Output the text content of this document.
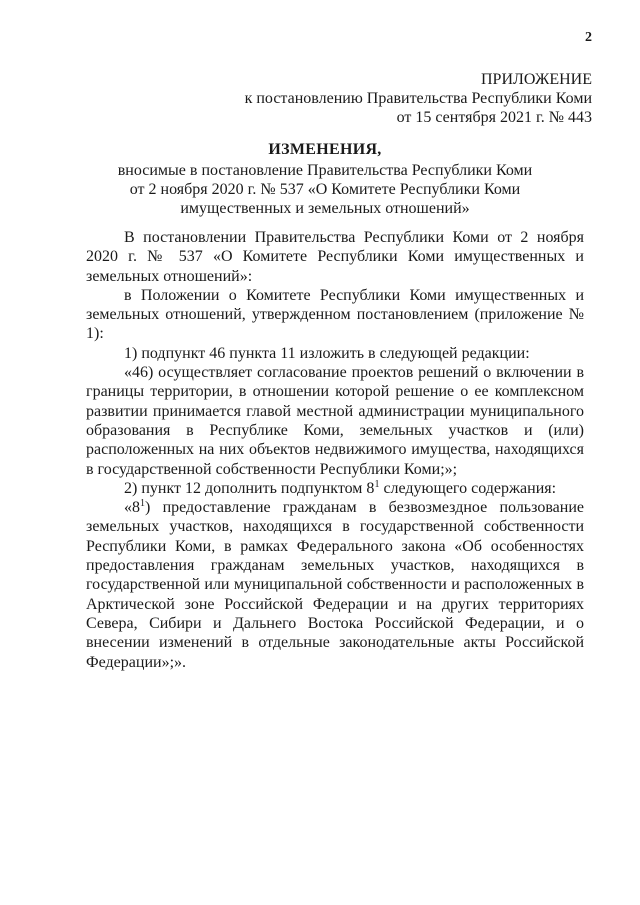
2
ПРИЛОЖЕНИЕ
к постановлению Правительства Республики Коми
от 15 сентября 2021 г. № 443
ИЗМЕНЕНИЯ,
вносимые в постановление Правительства Республики Коми
от 2 ноября 2020 г. № 537 «О Комитете Республики Коми
имущественных и земельных отношений»

В постановлении Правительства Республики Коми от 2 ноября 2020 г. № 537 «О Комитете Республики Коми имущественных и земельных отношений»:

в Положении о Комитете Республики Коми имущественных и земельных отношений, утвержденном постановлением (приложение № 1):

1) подпункт 46 пункта 11 изложить в следующей редакции:

«46) осуществляет согласование проектов решений о включении в границы территории, в отношении которой решение о ее комплексном развитии принимается главой местной администрации муниципального образования в Республике Коми, земельных участков и (или) расположенных на них объектов недвижимого имущества, находящихся в государственной собственности Республики Коми;»;

2) пункт 12 дополнить подпунктом $8^1$ следующего содержания:

«$8^1$) предоставление гражданам в безвозмездное пользование земельных участков, находящихся в государственной собственности Республики Коми, в рамках Федерального закона «Об особенностях предоставления гражданам земельных участков, находящихся в государственной или муниципальной собственности и расположенных в Арктической зоне Российской Федерации и на других территориях Севера, Сибири и Дальнего Востока Российской Федерации, и о внесении изменений в отдельные законодательные акты Российской Федерации»;».
